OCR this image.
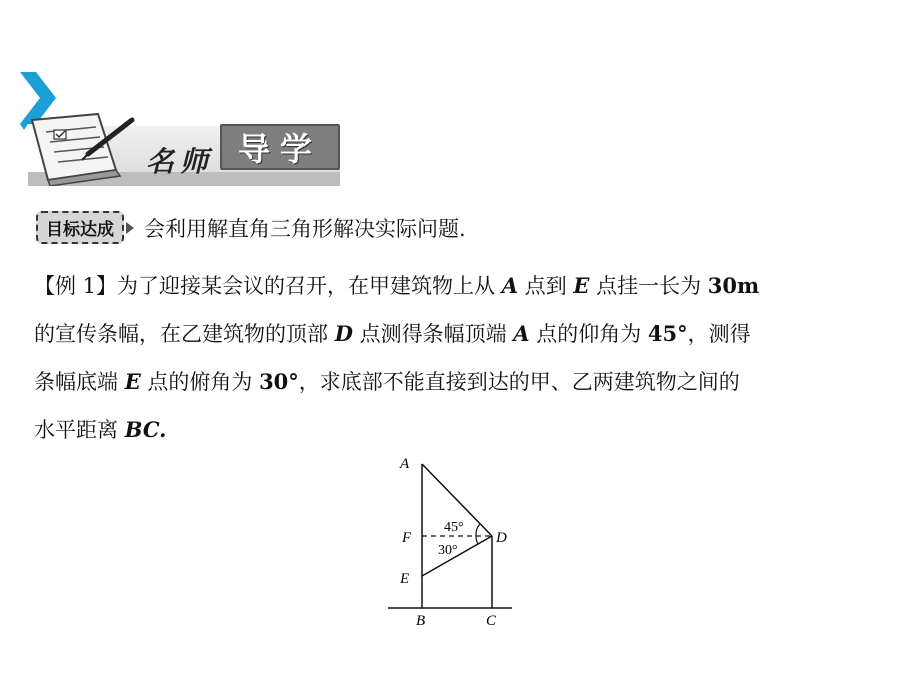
名师 导学
目标达成	会利用解直角三角形解决实际问题.
【例 1】为了迎接某会议的召开，在甲建筑物上从 A 点到 E 点挂一长为 30m
的宣传条幅，在乙建筑物的顶部 D 点测得条幅顶端 A 点的仰角为 45°，测得
条幅底端 E 点的俯角为 30°，求底部不能直接到达的甲、乙两建筑物之间的
水平距离 BC.
A
F
E
B	C
D
45°
30°
